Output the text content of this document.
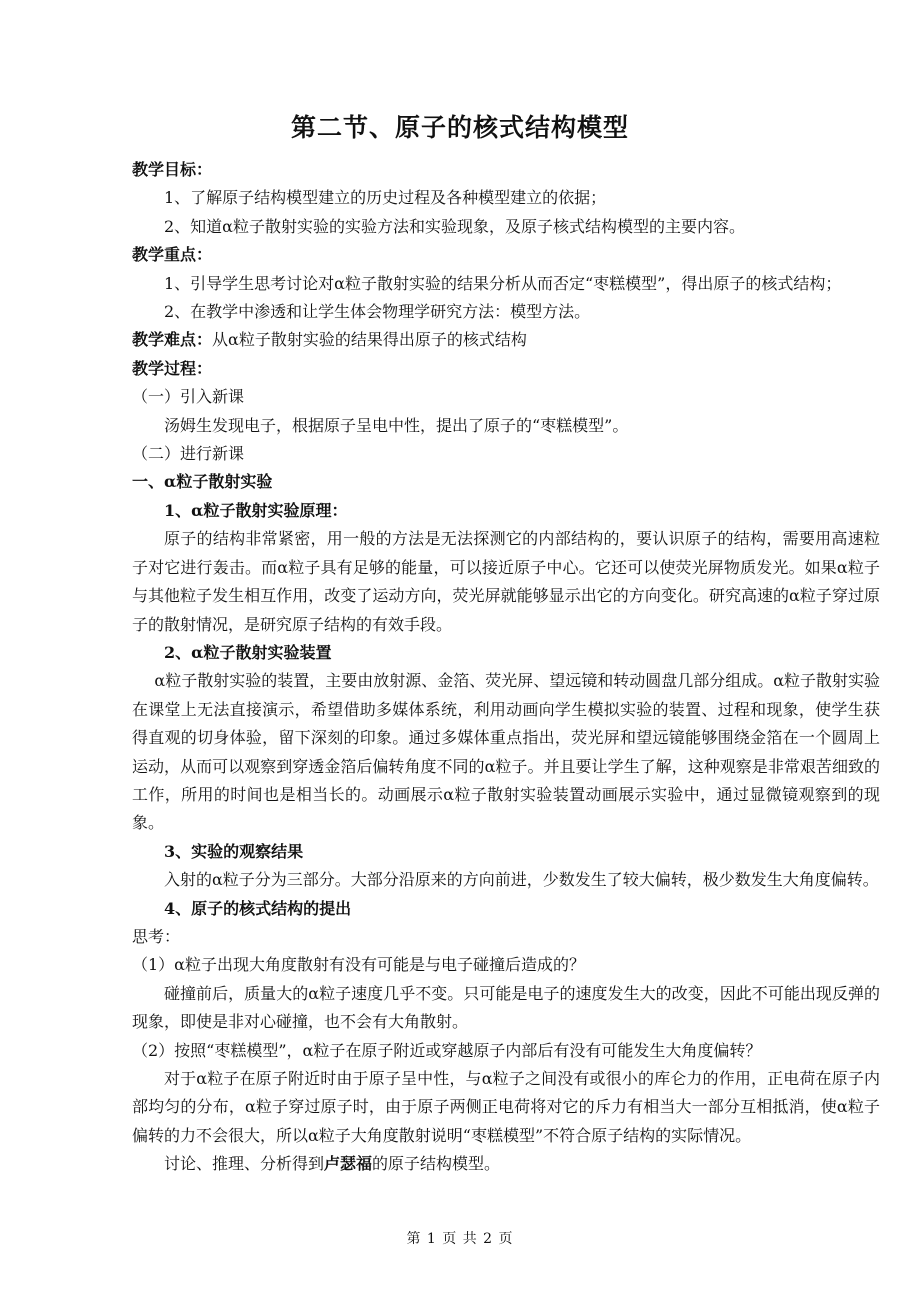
第二节、原子的核式结构模型

教学目标：

1、了解原子结构模型建立的历史过程及各种模型建立的依据；

2、知道α粒子散射实验的实验方法和实验现象，及原子核式结构模型的主要内容。

教学重点：

1、引导学生思考讨论对α粒子散射实验的结果分析从而否定“枣糕模型”，得出原子的核式结构；

2、在教学中渗透和让学生体会物理学研究方法：模型方法。

教学难点：从α粒子散射实验的结果得出原子的核式结构

教学过程：

（一）引入新课

汤姆生发现电子，根据原子呈电中性，提出了原子的“枣糕模型”。

（二）进行新课

一、α粒子散射实验

1、α粒子散射实验原理：

原子的结构非常紧密，用一般的方法是无法探测它的内部结构的，要认识原子的结构，需要用高速粒子对它进行轰击。而α粒子具有足够的能量，可以接近原子中心。它还可以使荧光屏物质发光。如果α粒子与其他粒子发生相互作用，改变了运动方向，荧光屏就能够显示出它的方向变化。研究高速的α粒子穿过原子的散射情况，是研究原子结构的有效手段。

2、α粒子散射实验装置

α粒子散射实验的装置，主要由放射源、金箔、荧光屏、望远镜和转动圆盘几部分组成。α粒子散射实验在课堂上无法直接演示，希望借助多媒体系统，利用动画向学生模拟实验的装置、过程和现象，使学生获得直观的切身体验，留下深刻的印象。通过多媒体重点指出，荧光屏和望远镜能够围绕金箔在一个圆周上运动，从而可以观察到穿透金箔后偏转角度不同的α粒子。并且要让学生了解，这种观察是非常艰苦细致的工作，所用的时间也是相当长的。动画展示α粒子散射实验装置动画展示实验中，通过显微镜观察到的现象。

3、实验的观察结果

入射的α粒子分为三部分。大部分沿原来的方向前进，少数发生了较大偏转，极少数发生大角度偏转。

4、原子的核式结构的提出

思考：

（1）α粒子出现大角度散射有没有可能是与电子碰撞后造成的？

碰撞前后，质量大的α粒子速度几乎不变。只可能是电子的速度发生大的改变，因此不可能出现反弹的现象，即使是非对心碰撞，也不会有大角散射。

（2）按照“枣糕模型”，α粒子在原子附近或穿越原子内部后有没有可能发生大角度偏转？

对于α粒子在原子附近时由于原子呈中性，与α粒子之间没有或很小的库仑力的作用，正电荷在原子内部均匀的分布，α粒子穿过原子时，由于原子两侧正电荷将对它的斥力有相当大一部分互相抵消，使α粒子偏转的力不会很大，所以α粒子大角度散射说明“枣糕模型”不符合原子结构的实际情况。

讨论、推理、分析得到卢瑟福的原子结构模型。

第 1 页 共 2 页
